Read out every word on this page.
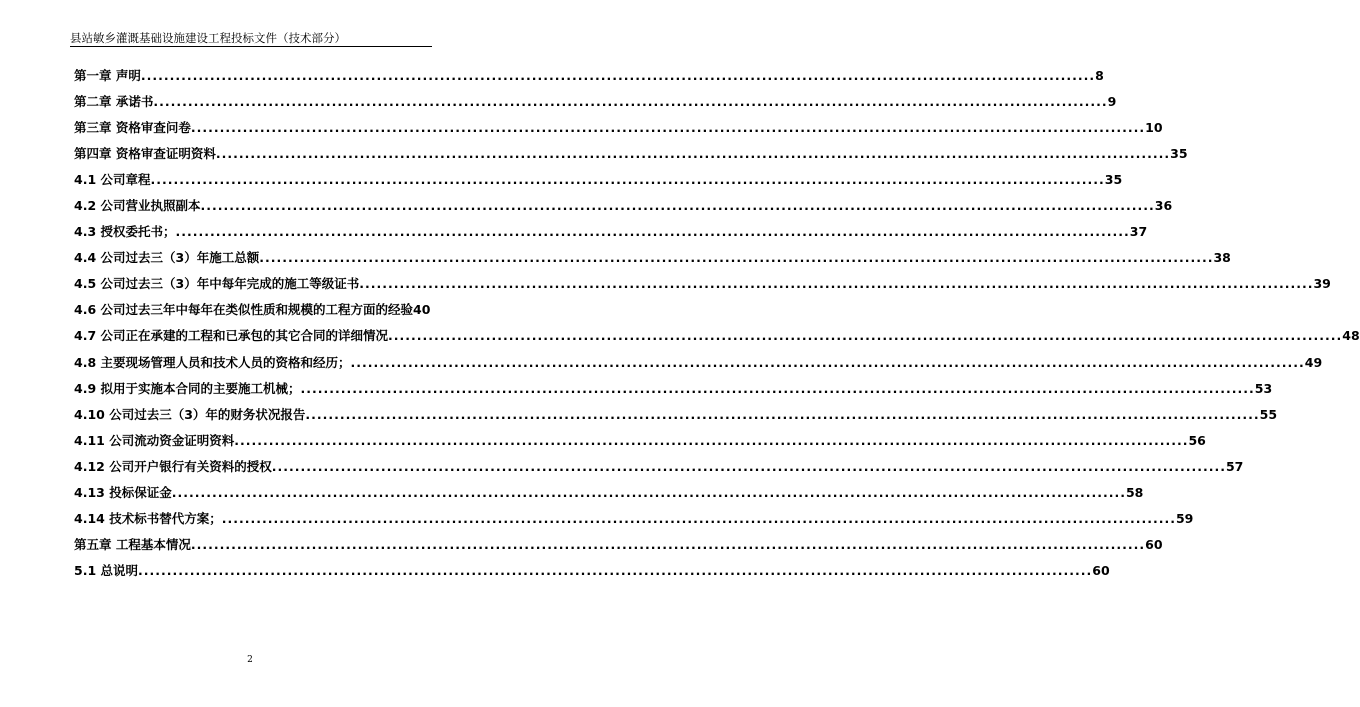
县站敏乡灌溉基础设施建设工程投标文件（技术部分）
第一章 声明 .....	8
第二章 承诺书 .....	9
第三章 资格审查问卷 .....	10
第四章 资格审查证明资料 .....	35
4.1 公司章程 .....	35
4.2 公司营业执照副本 .....	36
4.3 授权委托书； .....	37
4.4 公司过去三（3）年施工总额 .....	38
4.5 公司过去三（3）年中每年完成的施工等级证书 .....	39
4.6 公司过去三年中每年在类似性质和规模的工程方面的经验 40
4.7 公司正在承建的工程和已承包的其它合同的详细情况 .....	48
4.8 主要现场管理人员和技术人员的资格和经历； .....	49
4.9 拟用于实施本合同的主要施工机械； .....	53
4.10 公司过去三（3）年的财务状况报告 .....	55
4.11 公司流动资金证明资料 .....	56
4.12 公司开户银行有关资料的授权 .....	57
4.13 投标保证金 .....	58
4.14 技术标书替代方案； .....	59
第五章 工程基本情况 .....	60
5.1 总说明 .....	60
2
